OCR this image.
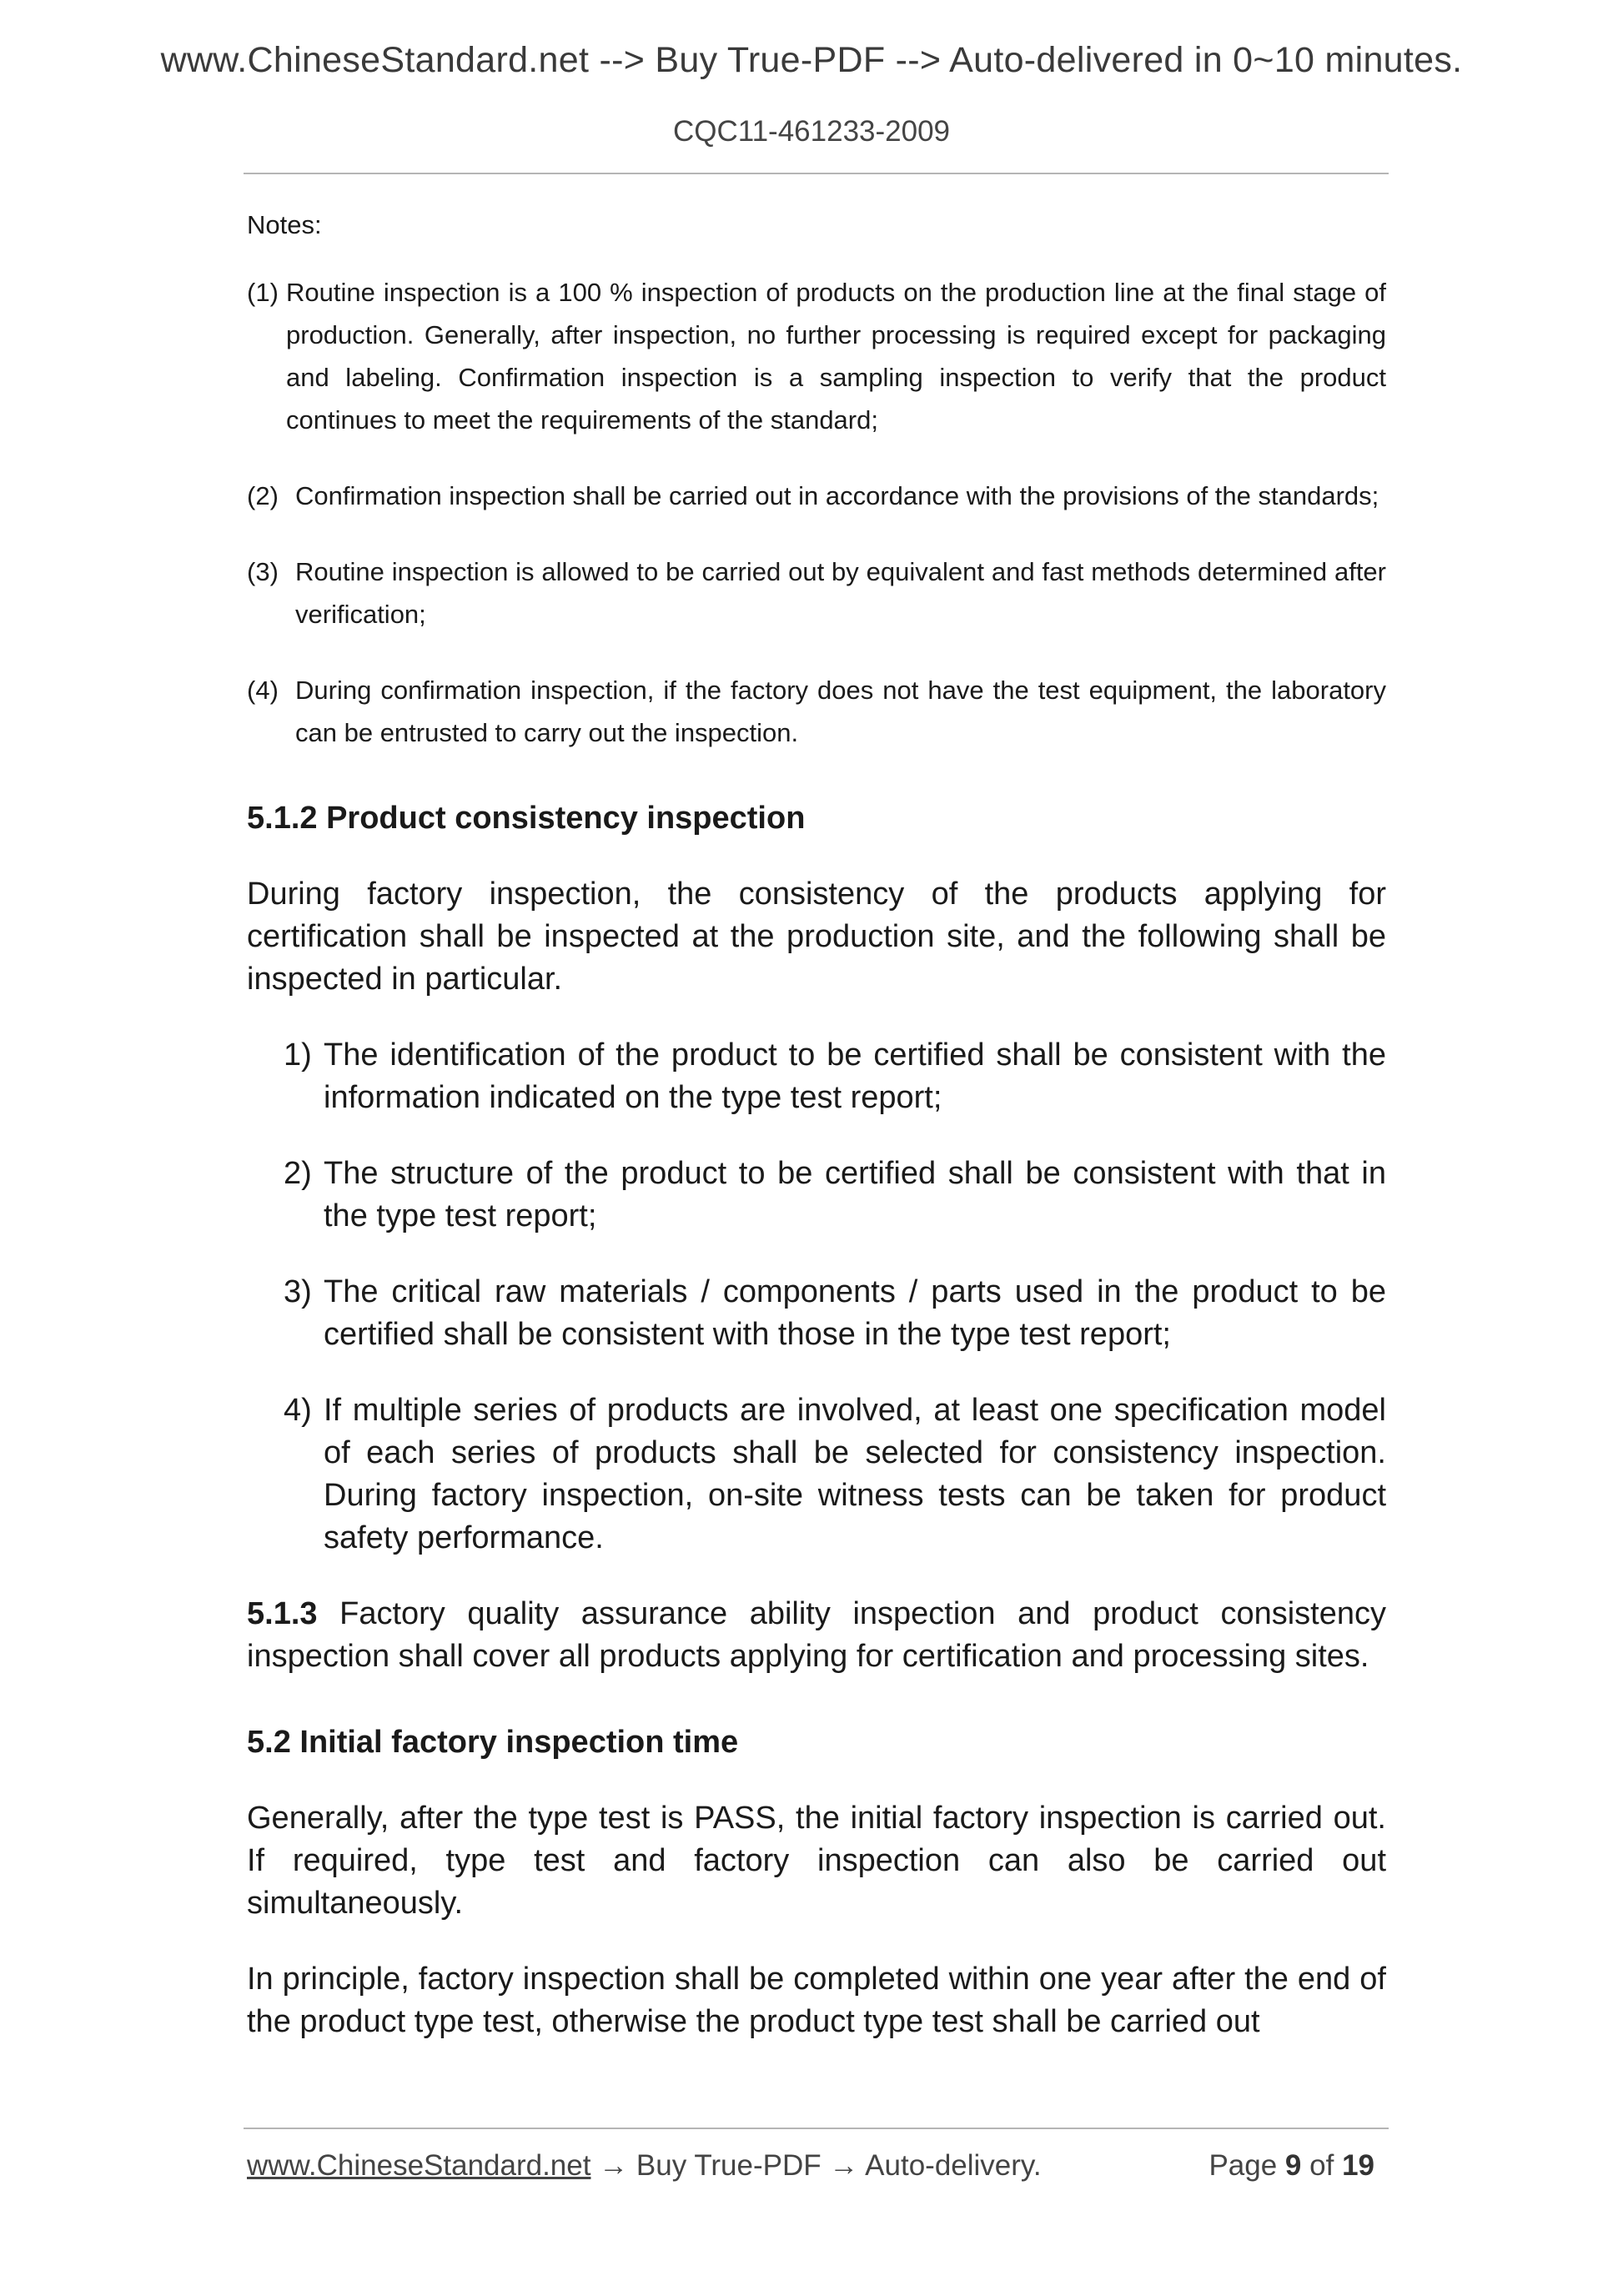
www.ChineseStandard.net --> Buy True-PDF --> Auto-delivered in 0~10 minutes.
CQC11-461233-2009
Notes:
(1) Routine inspection is a 100 % inspection of products on the production line at the final stage of production. Generally, after inspection, no further processing is required except for packaging and labeling. Confirmation inspection is a sampling inspection to verify that the product continues to meet the requirements of the standard;
(2) Confirmation inspection shall be carried out in accordance with the provisions of the standards;
(3) Routine inspection is allowed to be carried out by equivalent and fast methods determined after verification;
(4) During confirmation inspection, if the factory does not have the test equipment, the laboratory can be entrusted to carry out the inspection.
5.1.2 Product consistency inspection

During factory inspection, the consistency of the products applying for certification shall be inspected at the production site, and the following shall be inspected in particular.

1) The identification of the product to be certified shall be consistent with the information indicated on the type test report;
2) The structure of the product to be certified shall be consistent with that in the type test report;
3) The critical raw materials / components / parts used in the product to be certified shall be consistent with those in the type test report;
4) If multiple series of products are involved, at least one specification model of each series of products shall be selected for consistency inspection. During factory inspection, on-site witness tests can be taken for product safety performance.

5.1.3 Factory quality assurance ability inspection and product consistency inspection shall cover all products applying for certification and processing sites.

5.2 Initial factory inspection time

Generally, after the type test is PASS, the initial factory inspection is carried out. If required, type test and factory inspection can also be carried out simultaneously.

In principle, factory inspection shall be completed within one year after the end of the product type test, otherwise the product type test shall be carried out

www.ChineseStandard.net → Buy True-PDF → Auto-delivery.	Page 9 of 19
